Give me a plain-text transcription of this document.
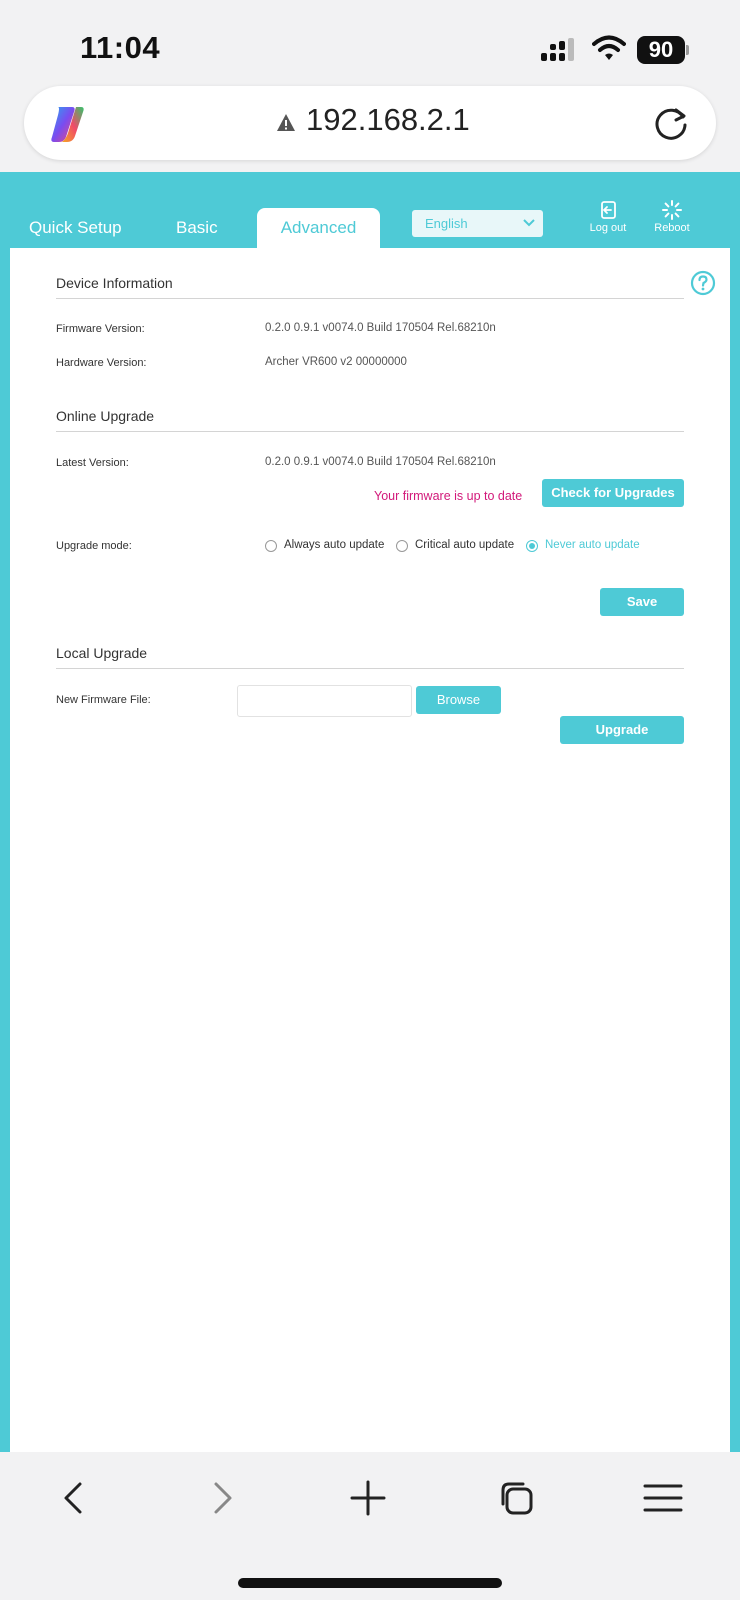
11:04	90
192.168.2.1
Quick Setup	Basic	Advanced	English	Log out	Reboot
Device Information
Firmware Version:	0.2.0 0.9.1 v0074.0 Build 170504 Rel.68210n
Hardware Version:	Archer VR600 v2 00000000
Online Upgrade
Latest Version:	0.2.0 0.9.1 v0074.0 Build 170504 Rel.68210n
Your firmware is up to date	Check for Upgrades
Upgrade mode:	Always auto update	Critical auto update	Never auto update
Save
Local Upgrade
New Firmware File:	Browse
Upgrade
